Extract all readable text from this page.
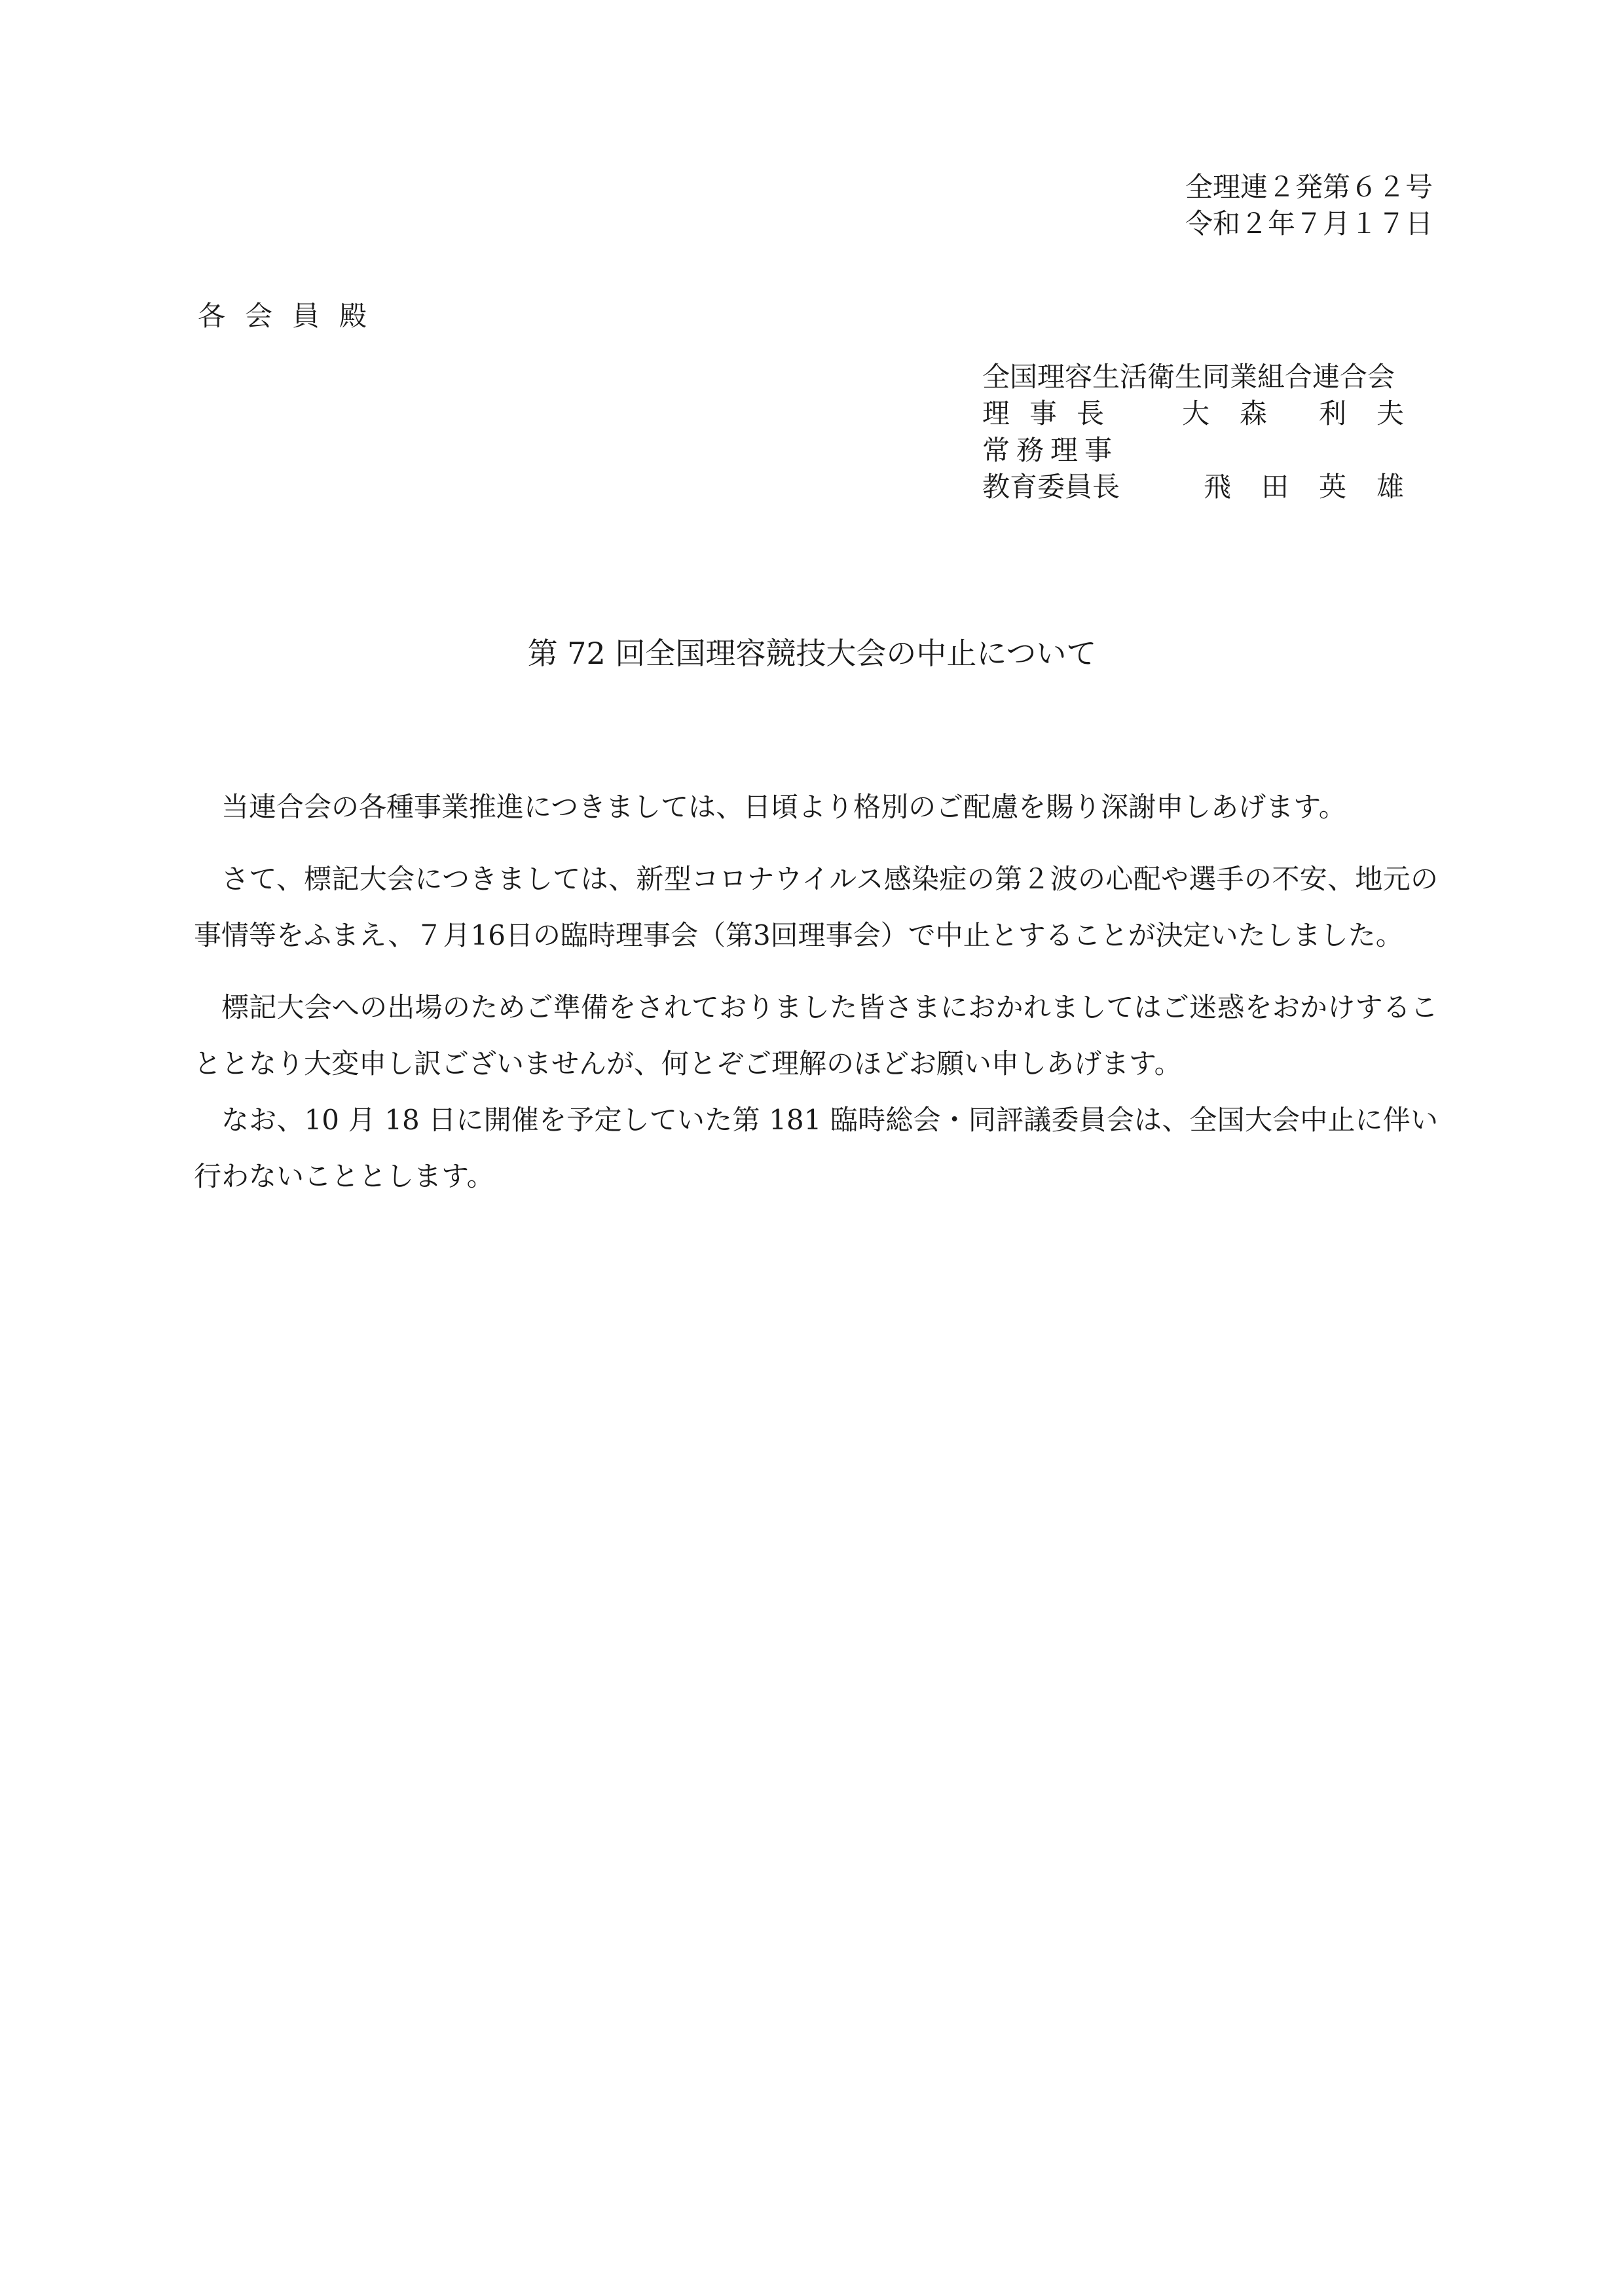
全理連２発第６２号
令和２年７月１７日
各会員殿
全国理容生活衛生同業組合連合会
理事長	大森 利夫
常務理事
教育委員長	飛田 英雄
第 72 回全国理容競技大会の中止について

当連合会の各種事業推進につきましては、日頃より格別のご配慮を賜り深謝申しあげます。

さて、標記大会につきましては、新型コロナウイルス感染症の第２波の心配や選手の不安、地元の事情等をふまえ、７月16日の臨時理事会（第3回理事会）で中止とすることが決定いたしました。

標記大会への出場のためご準備をされておりました皆さまにおかれましてはご迷惑をおかけすることとなり大変申し訳ございませんが、何とぞご理解のほどお願い申しあげます。

なお、10 月 18 日に開催を予定していた第 181 臨時総会・同評議委員会は、全国大会中止に伴い行わないこととします。
